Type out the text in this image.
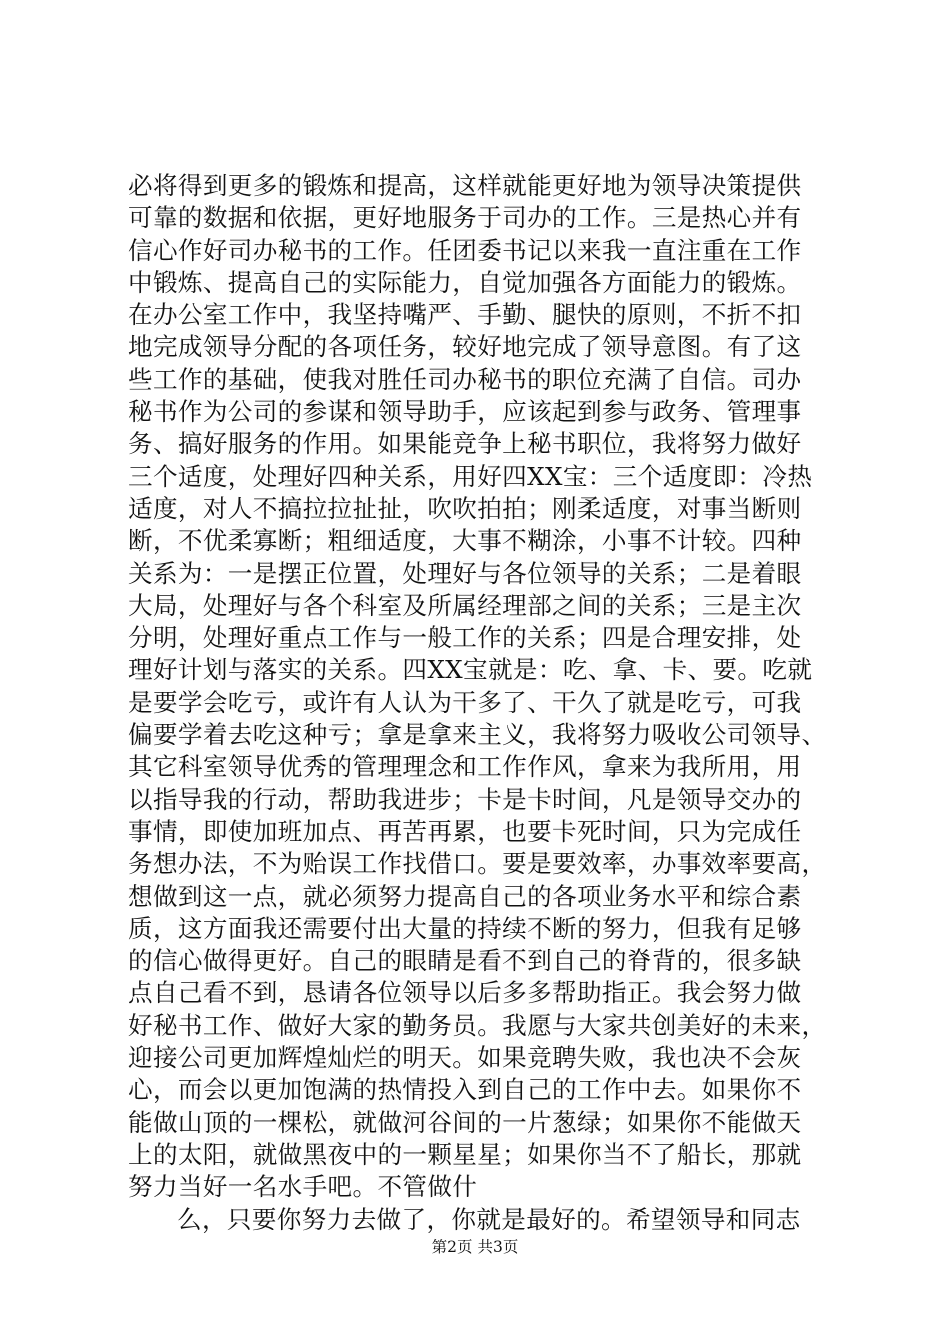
必将得到更多的锻炼和提高，这样就能更好地为领导决策提供
可靠的数据和依据，更好地服务于司办的工作。三是热心并有
信心作好司办秘书的工作。任团委书记以来我一直注重在工作
中锻炼、提高自己的实际能力，自觉加强各方面能力的锻炼。
在办公室工作中，我坚持嘴严、手勤、腿快的原则，不折不扣
地完成领导分配的各项任务，较好地完成了领导意图。有了这
些工作的基础，使我对胜任司办秘书的职位充满了自信。司办
秘书作为公司的参谋和领导助手，应该起到参与政务、管理事
务、搞好服务的作用。如果能竞争上秘书职位，我将努力做好
三个适度，处理好四种关系，用好四XX宝：三个适度即：冷热
适度，对人不搞拉拉扯扯，吹吹拍拍；刚柔适度，对事当断则
断，不优柔寡断；粗细适度，大事不糊涂，小事不计较。四种
关系为：一是摆正位置，处理好与各位领导的关系；二是着眼
大局，处理好与各个科室及所属经理部之间的关系；三是主次
分明，处理好重点工作与一般工作的关系；四是合理安排，处
理好计划与落实的关系。四XX宝就是：吃、拿、卡、要。吃就
是要学会吃亏，或许有人认为干多了、干久了就是吃亏，可我
偏要学着去吃这种亏；拿是拿来主义，我将努力吸收公司领导、
其它科室领导优秀的管理理念和工作作风，拿来为我所用，用
以指导我的行动，帮助我进步；卡是卡时间，凡是领导交办的
事情，即使加班加点、再苦再累，也要卡死时间，只为完成任
务想办法，不为贻误工作找借口。要是要效率，办事效率要高，
想做到这一点，就必须努力提高自己的各项业务水平和综合素
质，这方面我还需要付出大量的持续不断的努力，但我有足够
的信心做得更好。自己的眼睛是看不到自己的脊背的，很多缺
点自己看不到，恳请各位领导以后多多帮助指正。我会努力做
好秘书工作、做好大家的勤务员。我愿与大家共创美好的未来，
迎接公司更加辉煌灿烂的明天。如果竞聘失败，我也决不会灰
心，而会以更加饱满的热情投入到自己的工作中去。如果你不
能做山顶的一棵松，就做河谷间的一片葱绿；如果你不能做天
上的太阳，就做黑夜中的一颗星星；如果你当不了船长，那就
努力当好一名水手吧。不管做什
么，只要你努力去做了，你就是最好的。希望领导和同志
第2页 共3页
